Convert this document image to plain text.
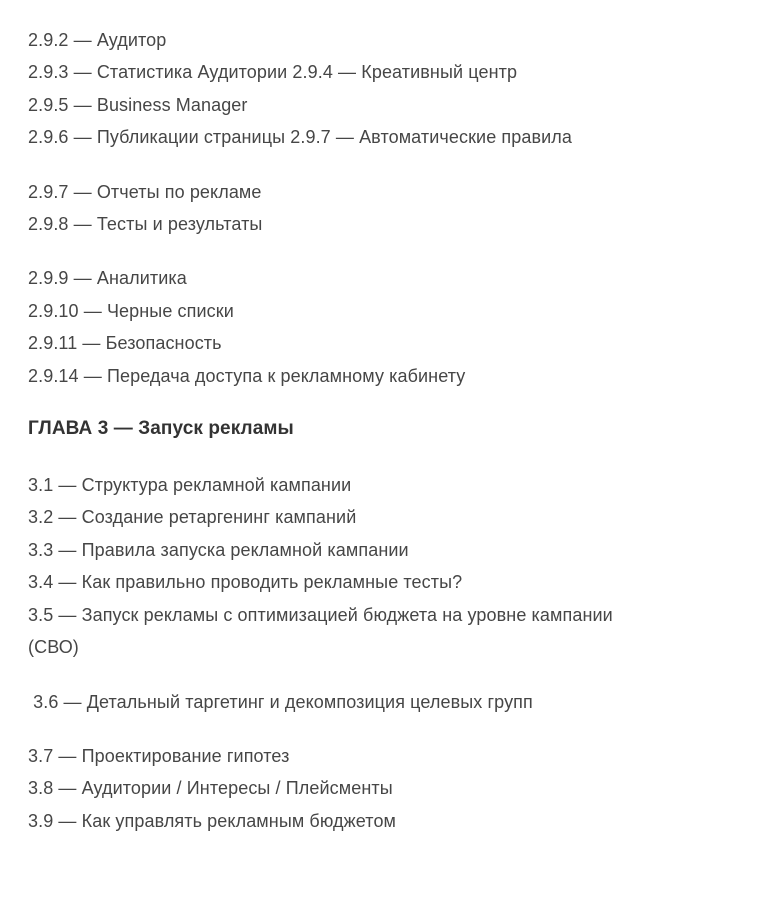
2.9.2 — Аудитор
2.9.3 — Статистика Аудитории 2.9.4 — Креативный центр
2.9.5 — Business Manager
2.9.6 — Публикации страницы 2.9.7 — Автоматические правила
2.9.7 — Отчеты по рекламе
2.9.8 — Тесты и результаты
2.9.9 — Аналитика
2.9.10 — Черные списки
2.9.11 — Безопасность
2.9.14 — Передача доступа к рекламному кабинету
ГЛАВА 3 — Запуск рекламы
3.1 — Структура рекламной кампании
3.2 — Создание ретаргенинг кампаний
3.3 — Правила запуска рекламной кампании
3.4 — Как правильно проводить рекламные тесты?
3.5 — Запуск рекламы с оптимизацией бюджета на уровне кампании
(СВО)
3.6 — Детальный таргетинг и декомпозиция целевых групп
3.7 — Проектирование гипотез
3.8 — Аудитории / Интересы / Плейсменты
3.9 — Как управлять рекламным бюджетом
